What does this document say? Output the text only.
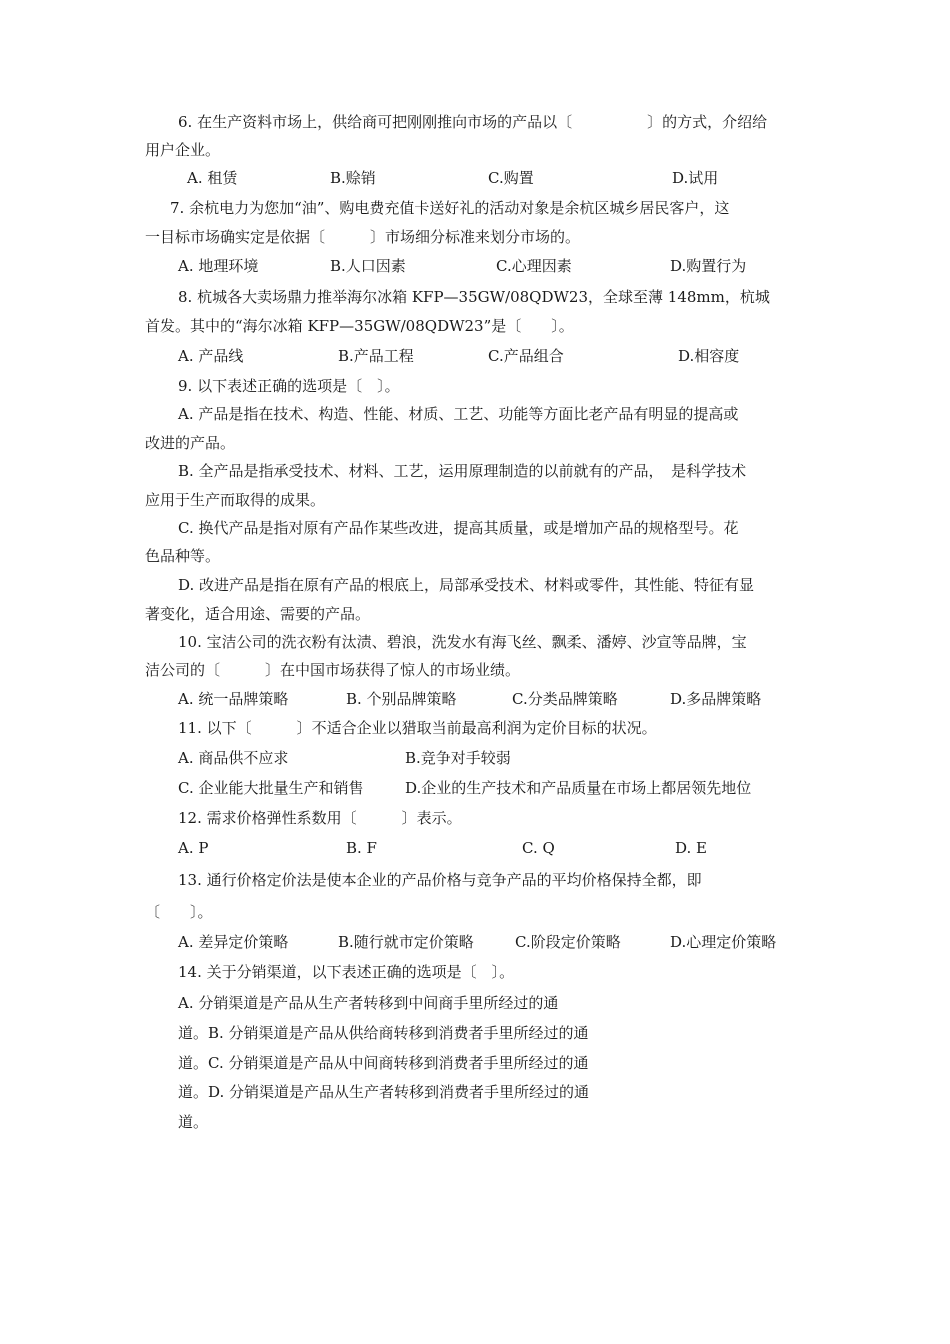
6. 在生产资料市场上，供给商可把刚刚推向市场的产品以〔　　　　　〕的方式，介绍给
用户企业。
A. 租赁	B.赊销	C.购置	D.试用
7. 余杭电力为您加“油”、购电费充值卡送好礼的活动对象是余杭区城乡居民客户，这
一目标市场确实定是依据〔　　　〕市场细分标准来划分市场的。
A. 地理环境	B.人口因素	C.心理因素	D.购置行为
8. 杭城各大卖场鼎力推举海尔冰箱 KFP—35GW/08QDW23，全球至薄 148mm，杭城
首发。其中的“海尔冰箱 KFP—35GW/08QDW23”是〔　　〕。
A. 产品线	B.产品工程	C.产品组合	D.相容度
9. 以下表述正确的选项是〔　〕。
A. 产品是指在技术、构造、性能、材质、工艺、功能等方面比老产品有明显的提高或
改进的产品。
B. 全产品是指承受技术、材料、工艺，运用原理制造的以前就有的产品，　是科学技术
应用于生产而取得的成果。
C. 换代产品是指对原有产品作某些改进，提高其质量，或是增加产品的规格型号。花
色品种等。
D. 改进产品是指在原有产品的根底上，局部承受技术、材料或零件，其性能、特征有显
著变化，适合用途、需要的产品。
10. 宝洁公司的洗衣粉有汰渍、碧浪，洗发水有海飞丝、飘柔、潘婷、沙宣等品牌，宝
洁公司的〔　　　〕在中国市场获得了惊人的市场业绩。
A. 统一品牌策略	B. 个别品牌策略	C.分类品牌策略	D.多品牌策略
11. 以下〔　　　〕不适合企业以猎取当前最高利润为定价目标的状况。
A. 商品供不应求	B.竞争对手较弱
C. 企业能大批量生产和销售	D.企业的生产技术和产品质量在市场上都居领先地位
12. 需求价格弹性系数用〔　　　〕表示。
A. P	B. F	C. Q	D. E
13. 通行价格定价法是使本企业的产品价格与竞争产品的平均价格保持全都，即
〔　　〕。
A. 差异定价策略	B.随行就市定价策略	C.阶段定价策略	D.心理定价策略
14. 关于分销渠道，以下表述正确的选项是〔　〕。
A. 分销渠道是产品从生产者转移到中间商手里所经过的通
道。B. 分销渠道是产品从供给商转移到消费者手里所经过的通
道。C. 分销渠道是产品从中间商转移到消费者手里所经过的通
道。D. 分销渠道是产品从生产者转移到消费者手里所经过的通
道。
